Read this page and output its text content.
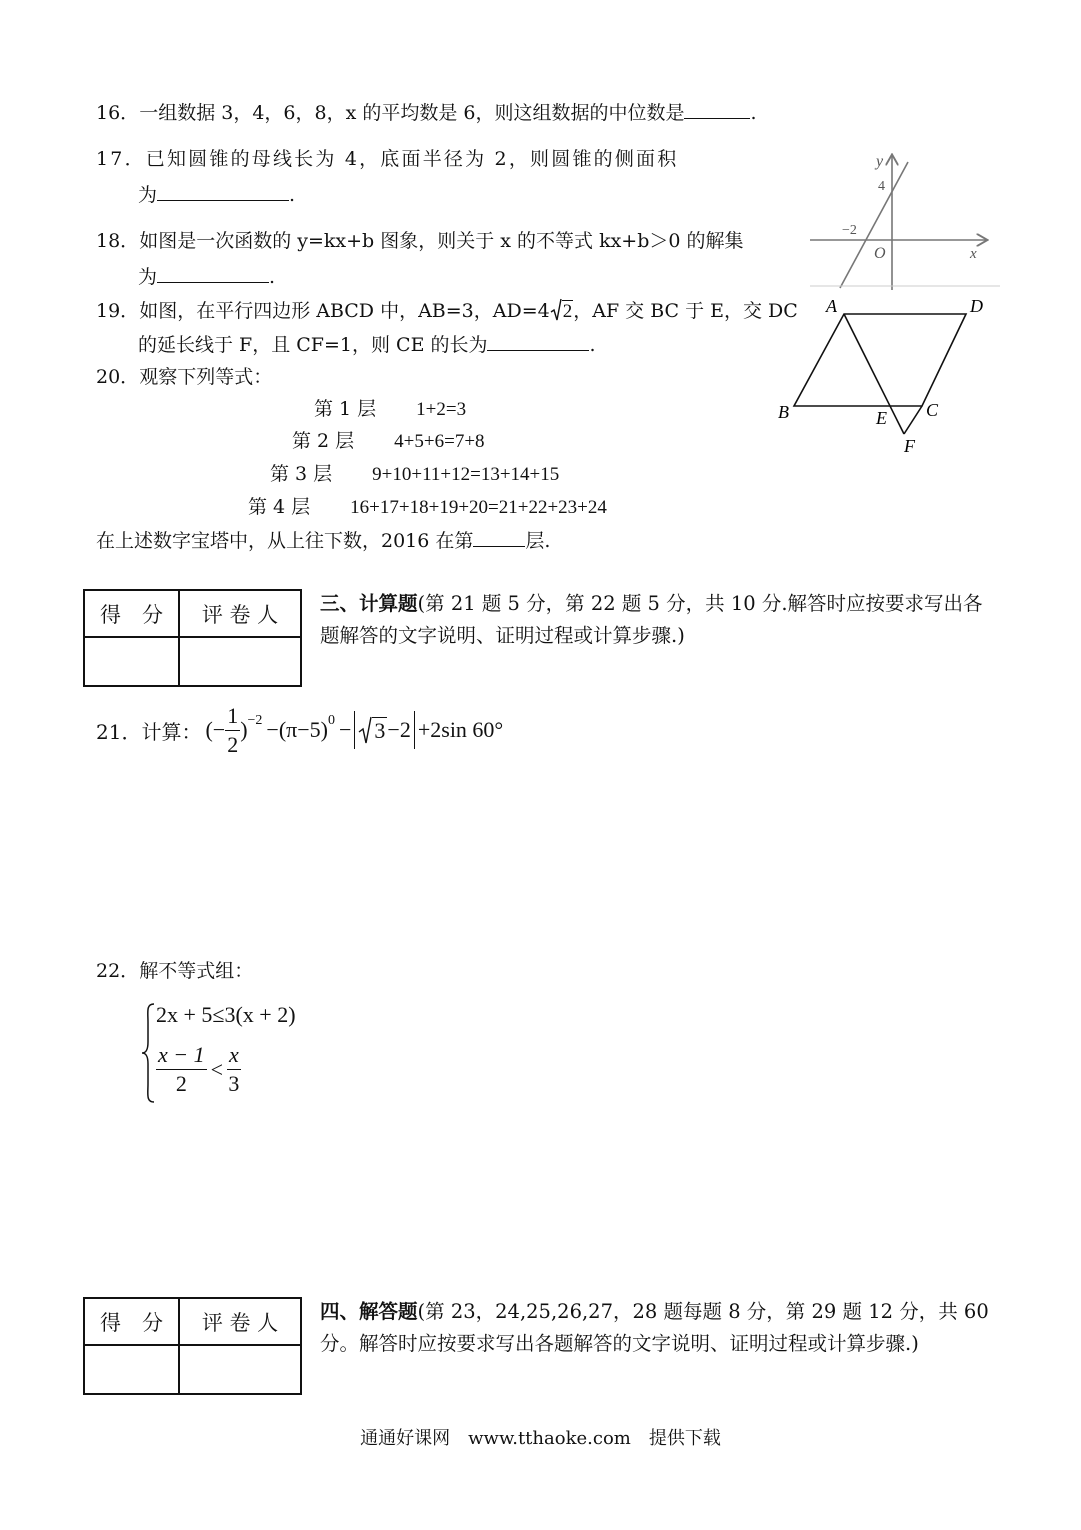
16．一组数据 3，4，6，8，x 的平均数是 6，则这组数据的中位数是	.
17．已知圆锥的母线长为 4，底面半径为 2，则圆锥的侧面积
为	.
18．如图是一次函数的 y=kx+b 图象，则关于 x 的不等式 kx+b＞0 的解集
为	.
19．如图，在平行四边形 ABCD 中，AB=3，AD=4 2，AF 交 BC 于 E，交 DC
的延长线于 F，且 CF=1，则 CE 的长为	.
20．观察下列等式：
第 1 层 1+2=3
第 2 层 4+5+6=7+8
第 3 层 9+10+11+12=13+14+15
第 4 层 16+17+18+19+20=21+22+23+24
在上述数字宝塔中，从上往下数，2016 在第	层.
y
4
−2
O	x
A	D
B	E C
F
得　分	评 卷 人
	三、计算题(第 21 题 5 分，第 22 题 5 分，共 10 分.解答时应按要求写出各题解答的文字说明、证明过程或计算步骤.)
21． 计算： (− $\frac{1}{2} )^{-2} -(\pi-5)^0 - 3 -2 +2\sin$ 60°
22．解不等式组：
2x + 5≤3(x + 2)
$\frac{x - 1}{2} < \frac{x}{3}$
得　分	评 卷 人
	四、解答题(第 23，24,25,26,27，28 题每题 8 分，第 29 题 12 分，共 60 分。解答时应按要求写出各题解答的文字说明、证明过程或计算步骤.)
通通好课网　www.tthaoke.com　提供下载
